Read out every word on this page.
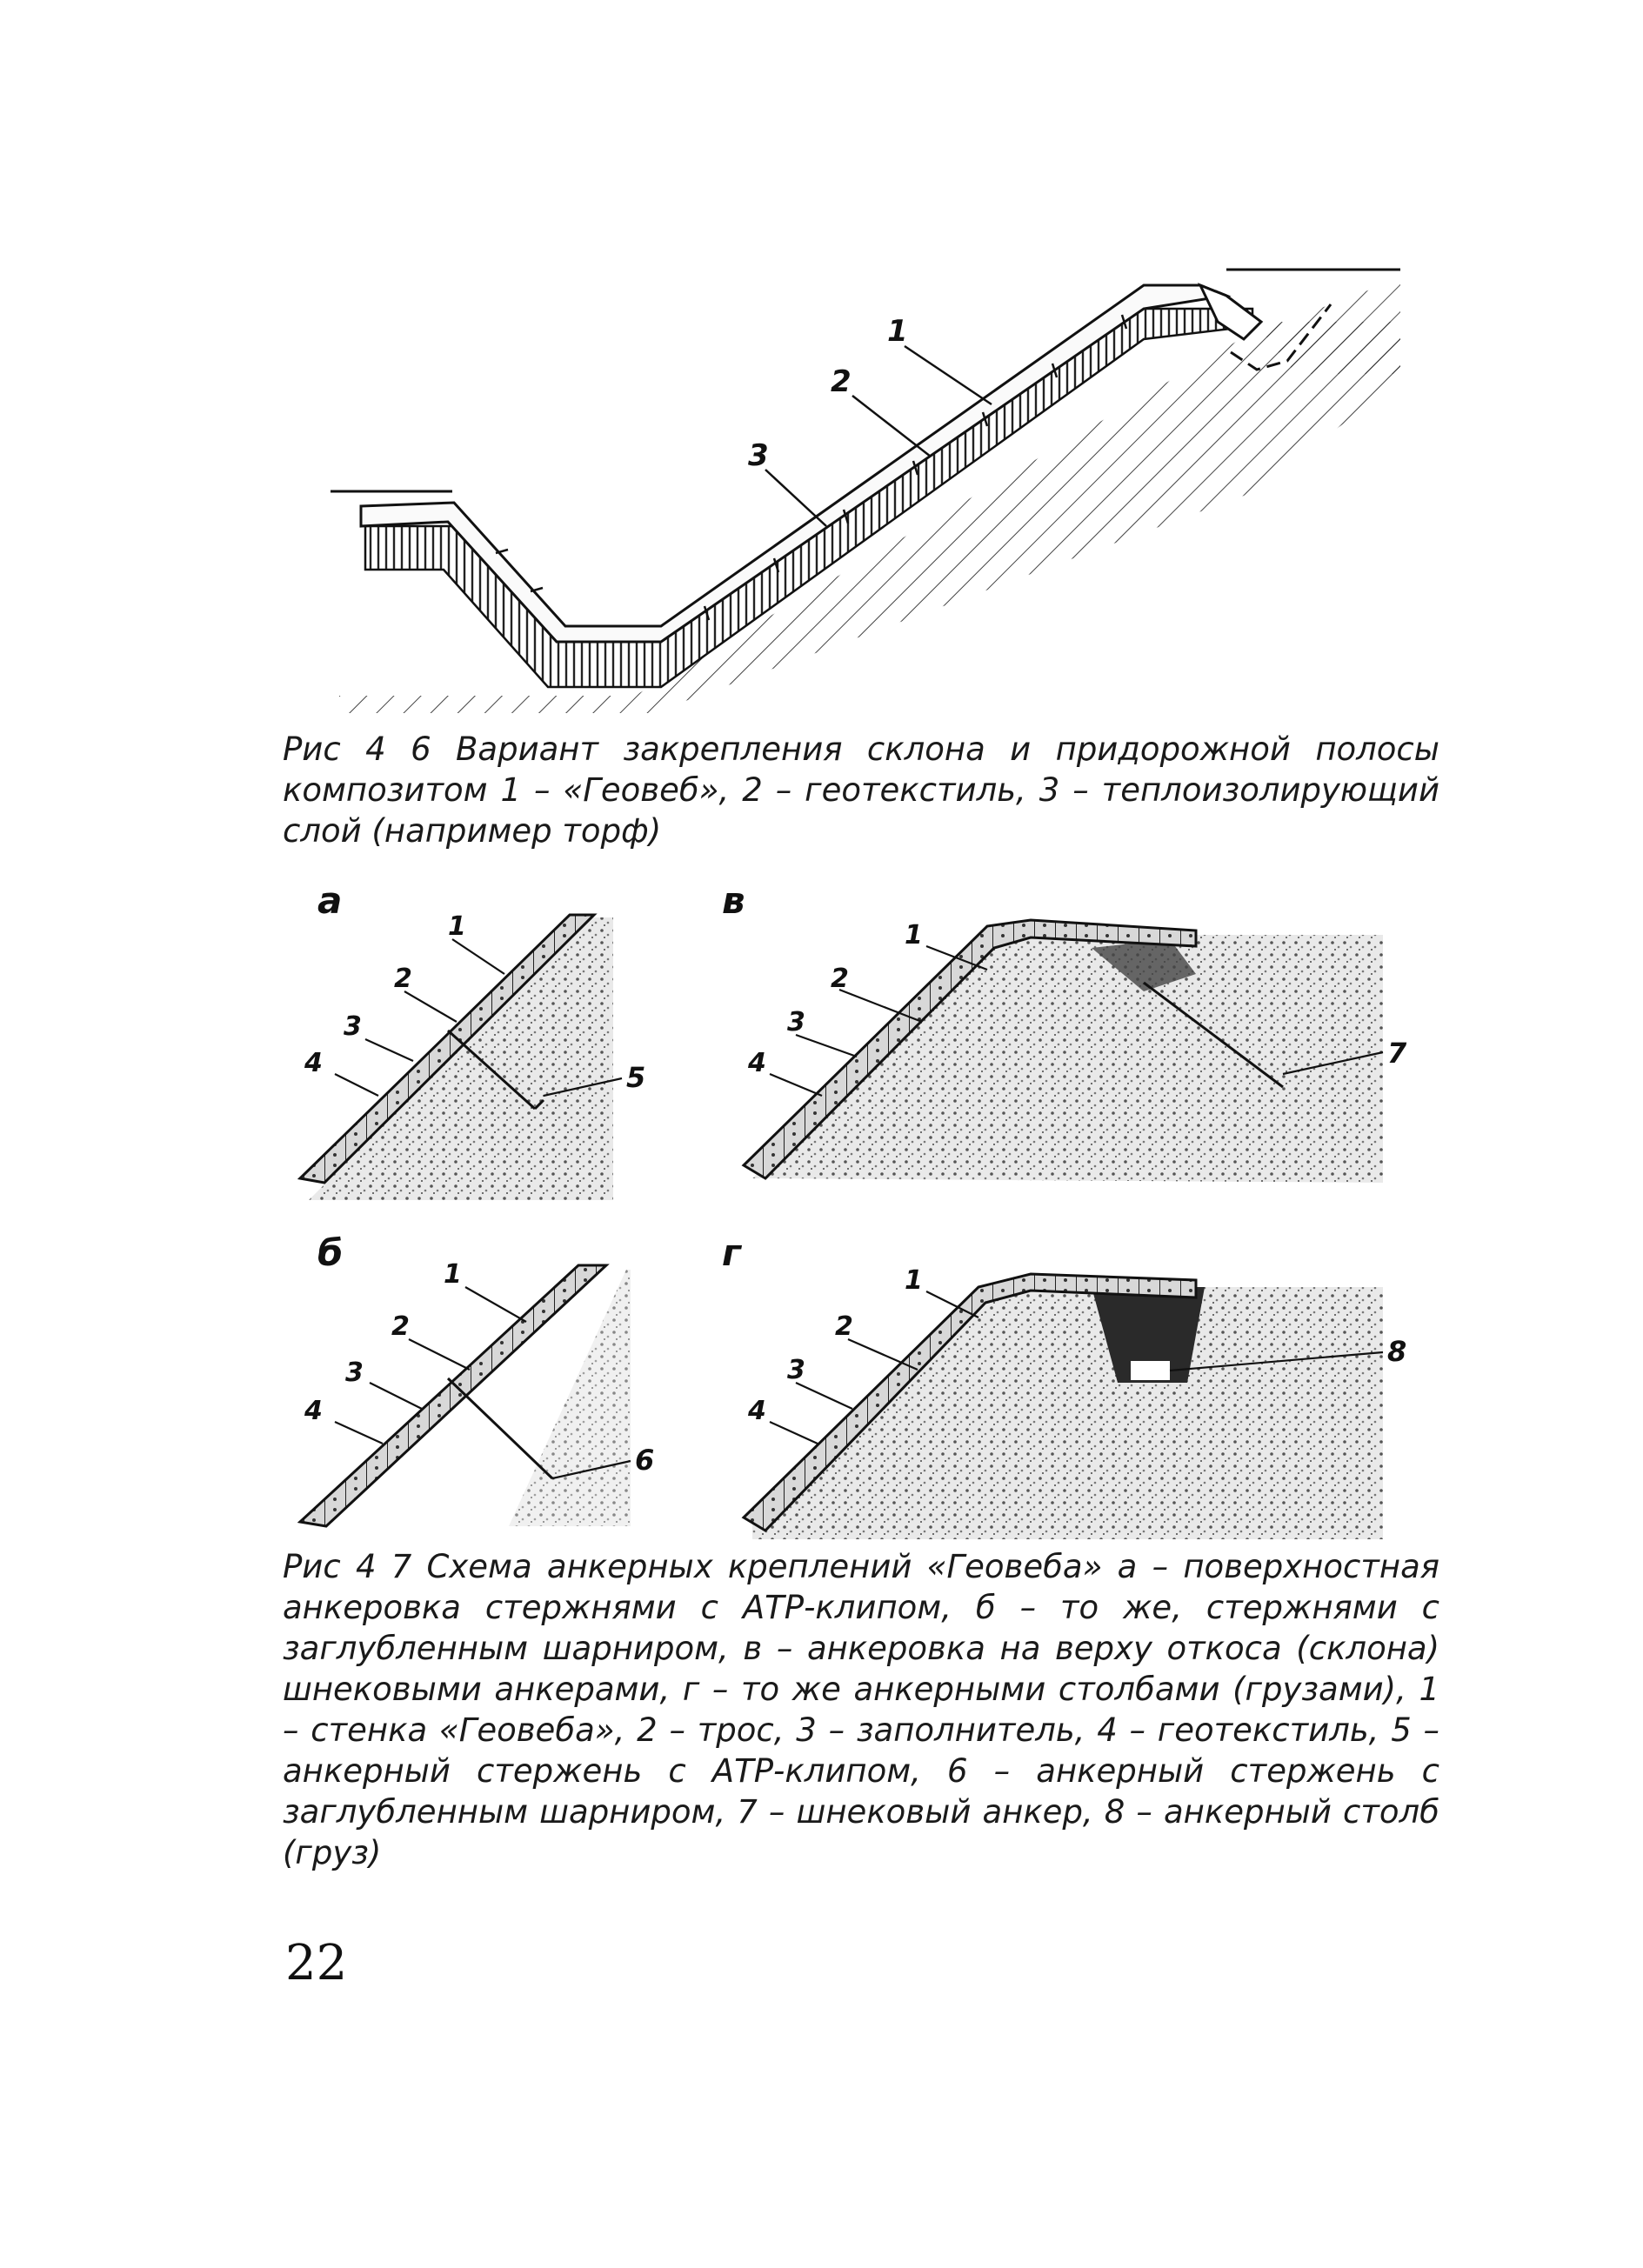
1
2
3
Рис 4 6 Вариант закрепления склона и придорожной полосы композитом 1 – «Геовеб», 2 – геотекстиль, 3 – теплоизолирующий слой (например торф)
а
1
2
3
4	5
в
1
2
3
4	7
б
1
2
3
4
6
г
1
2
3
4
8
Рис 4 7 Схема анкерных креплений «Геовеба» а – поверхностная анкеровка стержнями с АТР-клипом, б – то же, стержнями с заглубленным шарниром, в – анкеровка на верху откоса (склона) шнековыми анкерами, г – то же анкерными столбами (грузами), 1 – стенка «Геовеба», 2 – трос, 3 – заполнитель, 4 – геотекстиль, 5 – анкерный стержень с АТР-клипом, 6 – анкерный стержень с заглубленным шарниром, 7 – шнековый анкер, 8 – анкерный столб (груз)
22
